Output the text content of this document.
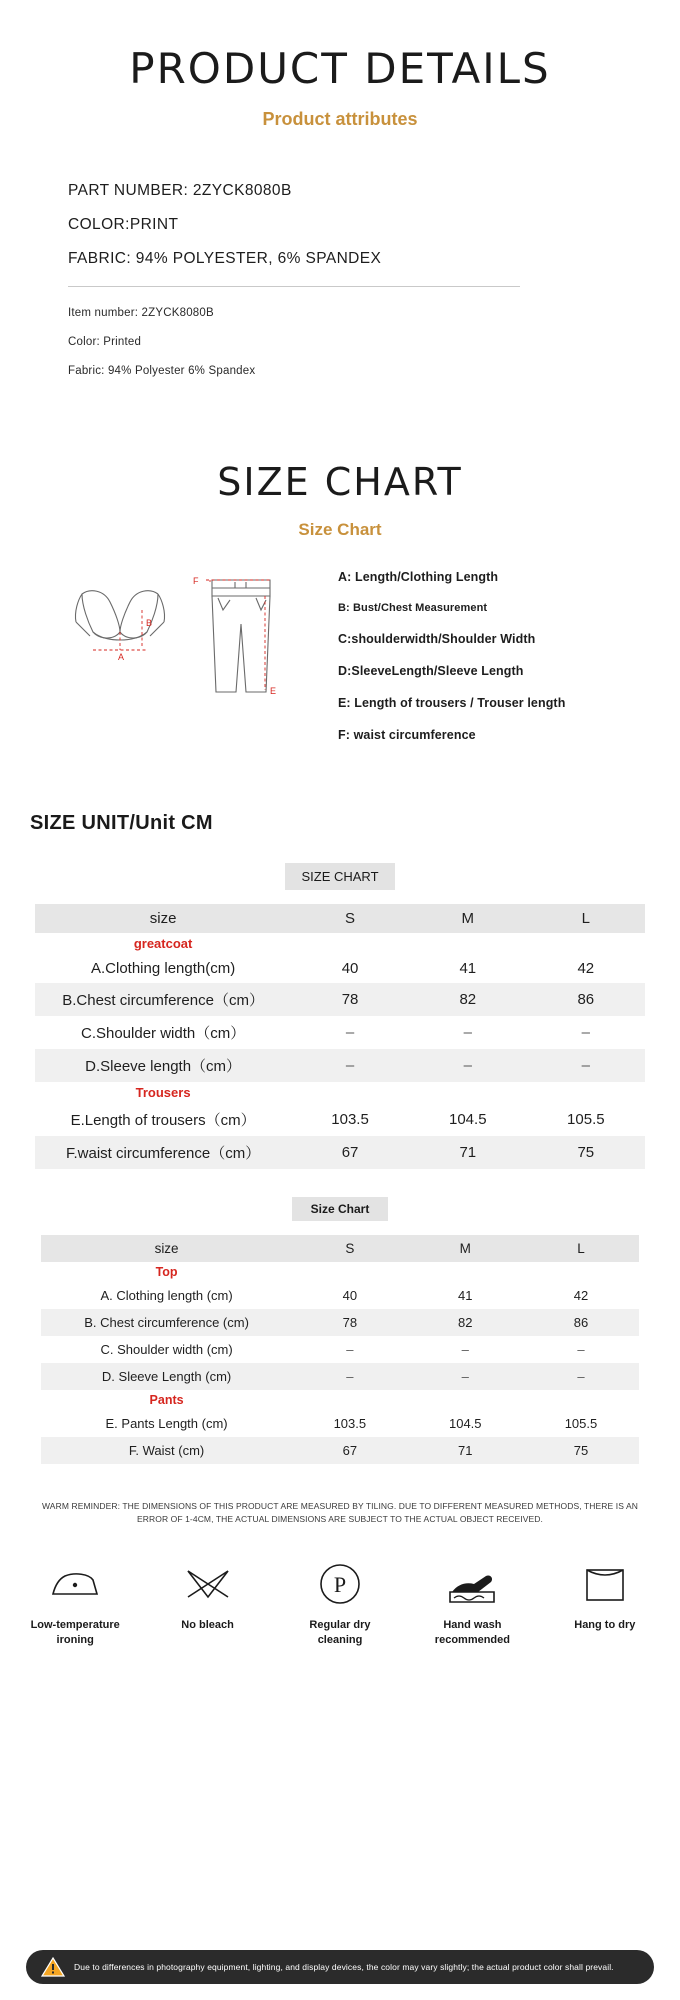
PRODUCT DETAILS
Product attributes
PART NUMBER: 2ZYCK8080B
COLOR:PRINT
FABRIC: 94% POLYESTER, 6% SPANDEX
Item number: 2ZYCK8080B
Color: Printed
Fabric: 94% Polyester 6% Spandex
SIZE CHART
Size Chart
A
B
F
E
A: Length/Clothing Length
B: Bust/Chest Measurement
C:shoulderwidth/Shoulder Width
D:SleeveLength/Sleeve Length
E: Length of trousers / Trouser length
F: waist circumference
SIZE UNIT/Unit CM
SIZE CHART
size	S	M	L
greatcoat			
A.Clothing length(cm)	40	41	42
B.Chest circumference（cm）	78	82	86
C.Shoulder width（cm）	–	–	–
D.Sleeve length（cm）	–	–	–
Trousers			
E.Length of trousers（cm）	103.5	104.5	105.5
F.waist circumference（cm）	67	71	75
Size Chart
size	S	M	L
Top			
A. Clothing length (cm)	40	41	42
B. Chest circumference (cm)	78	82	86
C. Shoulder width (cm)	–	–	–
D. Sleeve Length (cm)	–	–	–
Pants			
E. Pants Length (cm)	103.5	104.5	105.5
F. Waist (cm)	67	71	75
WARM REMINDER: THE DIMENSIONS OF THIS PRODUCT ARE MEASURED BY TILING. DUE TO DIFFERENT MEASURED METHODS, THERE IS AN ERROR OF 1-4CM, THE ACTUAL DIMENSIONS ARE SUBJECT TO THE ACTUAL OBJECT RECEIVED.
Low-temperature ironing
No bleach
P
Regular dry cleaning
Hand wash recommended
Hang to dry
Due to differences in photography equipment, lighting, and display devices, the color may vary slightly; the actual product color shall prevail.
